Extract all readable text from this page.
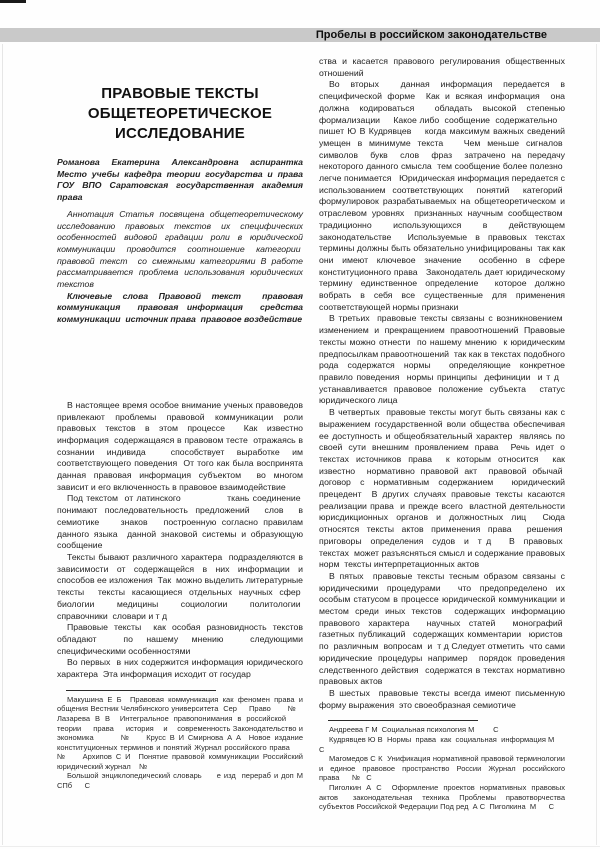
Пробелы в российском законодательстве
ПРАВОВЫЕ ТЕКСТЫ ОБЩЕТЕОРЕТИЧЕСКОЕ ИССЛЕДОВАНИЕ

Романова Екатерина Александровна аспирантка Место учебы кафедра теории государства и права ГОУ ВПО Саратовская государственная академия права

Аннотация Статья посвящена общетеоретическому исследованию правовых текстов их специфических особенностей видовой градации роли в юридической коммуникации проводится соотношение категории  правовой текст  со смежными категориями В работе рассматривается проблема использования юридических текстов

Ключевые слова Правовой текст  правовая коммуникация  правовая информация  средства коммуникации  источник права  правовое воздействие

В настоящее время особое внимание ученых правоведов привлекают проблемы правовой коммуникации роли правовых текстов в этом процессе  Как известно информация  содержащаяся в правовом тесте  отражаясь в сознании индивида  способствует выработке им соответствующего поведения  От того как была воспринята данная правовая информация субъектом  во многом зависит и его включенность в правовое взаимодействие

Под текстом  от латинского              ткань соединение  понимают последовательность предложений  слов  в семиотике    знаков   построенную согласно правилам данного языка  данной знаковой системы и образующую сообщение

Тексты бывают различного характера  подразделяются в зависимости от содержащейся в них информации и способов ее изложения  Так  можно выделить литературные тексты  тексты касающиеся отдельных научных сфер  биологии  медицины  социологии  политологии  справочники  словари и т д

Правовые тексты  как особая разновидность текстов обладают  по нашему мнению  следующими специфическими особенностями

Во первых  в них содержится информация юридического характера  Эта информация исходит от государ

Макушина Е Б  Правовая коммуникация как феномен права и общения Вестник Челябинского университета  Сер     Право       №    Лазарева В В  Интегральное правопонимания в российской     теории     права     история    и    современность Законодательство и экономика       №    Крусс В И Смирнова А А  Новое издание конституционных терминов и понятий Журнал российского права      №    Архипов С И  Понятие правовой коммуникации Российский юридический журнал    №

Большой энциклопедический словарь     е изд  перераб и доп М СПб      С

ства и касается правового регулирования общественных отношений

Во вторых  данная информация передается в специфической форме  Как и всякая информация  она должна кодироваться  обладать высокой степенью формализации     Какое либо  сообщение  содержательно    пишет Ю В Кудрявцев    когда максимум важных сведений умещен в минимуме текста   Чем меньше сигналов  символов  букв  слов  фраз  затрачено на передачу некоторого данного смысла  тем сообщение более полезно  легче понимается   Юридическая информация передается с использованием соответствующих  понятий  категорий  формулировок разрабатываемых на общетеоретическом и отраслевом уровнях  признанных научным сообществом  традиционно использующихся в действующем законодательстве  Используемые в правовых текстах термины должны быть обязательно унифицированы  так как они имеют ключевое значение  особенно в сфере конституционного права   Законодатель дает юридическому термину единственное определение  которое должно вобрать в себя все существенные для применения соответствующей нормы признаки

В третьих  правовые тексты связаны с возникновением  изменением и прекращением правоотношений Правовые тексты можно отнести  по нашему мнению  к юридическим предпосылкам правоотношений  так как в текстах подобного рода содержатся нормы  определяющие конкретное правило поведения  нормы принципы  дефиниции  и т д   устанавливается правовое положение субъекта  статус юридического лица

В четвертых  правовые тексты могут быть связаны как с выражением государственной воли общества обеспечивая ее доступность и общеобязательный характер  являясь по своей сути внешним проявлением права  Речь идет о текстах источников права  к которым относится  как известно  нормативно правовой акт  правовой обычай  договор с нормативным содержанием  юридический прецедент  В других случаях правовые тексты касаются реализации права  и прежде всего  властной деятельности юрисдикционных органов и должностных лиц  Сюда относятся тексты актов применения права  решения  приговоры  определения  судов  и  т д    В  правовых  текстах  может разъясняться смысл и содержание правовых норм  тексты интерпретационных актов

В пятых  правовые тексты тесным образом связаны с юридическими процедурами  что предопределено их особым статусом в процессе юридической коммуникации и местом среди иных текстов  содержащих информацию правового характера  научных статей  монографий  газетных публикаций  содержащих комментарии  юристов  по  различным  вопросам  и  т д Следует отметить  что сами юридические процедуры например  порядок проведения следственного действия  содержатся в текстах нормативно правовых актов

В шестых  правовые тексты всегда имеют письменную форму выражения  это своеобразная семиотиче

Андреева Г М  Социальная психология М         С

Кудрявцев Ю В  Нормы  права  как  социальная  информация М      С

Магомедов С К  Унификация нормативной правовой терминологии и единое правовое пространство России Журнал российского права      №   С

Пиголкин А С  Оформление проектов нормативных правовых актов   законодательная  техника  Проблемы  правотворчества субъектов Российской Федерации Под ред  А С  Пиголкина  М      С
